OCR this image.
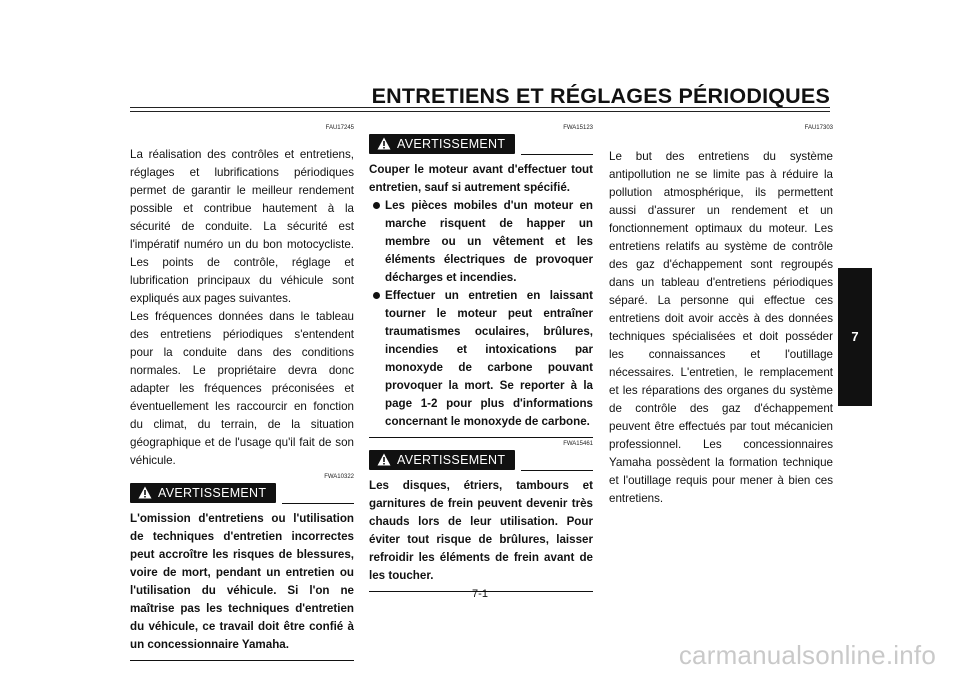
ENTRETIENS ET RÉGLAGES PÉRIODIQUES
FAU17245

La réalisation des contrôles et entretiens, réglages et lubrifications périodiques permet de garantir le meilleur rendement possible et contribue hautement à la sécurité de conduite. La sécurité est l'impératif numéro un du bon motocycliste. Les points de contrôle, réglage et lubrification principaux du véhicule sont expliqués aux pages suivantes.

Les fréquences données dans le tableau des entretiens périodiques s'entendent pour la conduite dans des conditions normales. Le propriétaire devra donc adapter les fréquences préconisées et éventuellement les raccourcir en fonction du climat, du terrain, de la situation géographique et de l'usage qu'il fait de son véhicule.

FWA10322
AVERTISSEMENT
L'omission d'entretiens ou l'utilisation de techniques d'entretien incorrectes peut accroître les risques de blessures, voire de mort, pendant un entretien ou l'utilisation du véhicule. Si l'on ne maîtrise pas les techniques d'entretien du véhicule, ce travail doit être confié à un concessionnaire Yamaha.
FWA15123
AVERTISSEMENT
Couper le moteur avant d'effectuer tout entretien, sauf si autrement spécifié.
Les pièces mobiles d'un moteur en marche risquent de happer un membre ou un vêtement et les éléments électriques de provoquer décharges et incendies.
Effectuer un entretien en laissant tourner le moteur peut entraîner traumatismes oculaires, brûlures, incendies et intoxications par monoxyde de carbone pouvant provoquer la mort. Se reporter à la page 1-2 pour plus d'informations concernant le monoxyde de carbone.
FWA15461
AVERTISSEMENT
Les disques, étriers, tambours et garnitures de frein peuvent devenir très chauds lors de leur utilisation. Pour éviter tout risque de brûlures, laisser refroidir les éléments de frein avant de les toucher.
FAU17303

Le but des entretiens du système antipollution ne se limite pas à réduire la pollution atmosphérique, ils permettent aussi d'assurer un rendement et un fonctionnement optimaux du moteur. Les entretiens relatifs au système de contrôle des gaz d'échappement sont regroupés dans un tableau d'entretiens périodiques séparé. La personne qui effectue ces entretiens doit avoir accès à des données techniques spécialisées et doit posséder les connaissances et l'outillage nécessaires. L'entretien, le remplacement et les réparations des organes du système de contrôle des gaz d'échappement peuvent être effectués par tout mécanicien professionnel. Les concessionnaires Yamaha possèdent la formation technique et l'outillage requis pour mener à bien ces entretiens.

7-1
7
carmanualsonline.info
